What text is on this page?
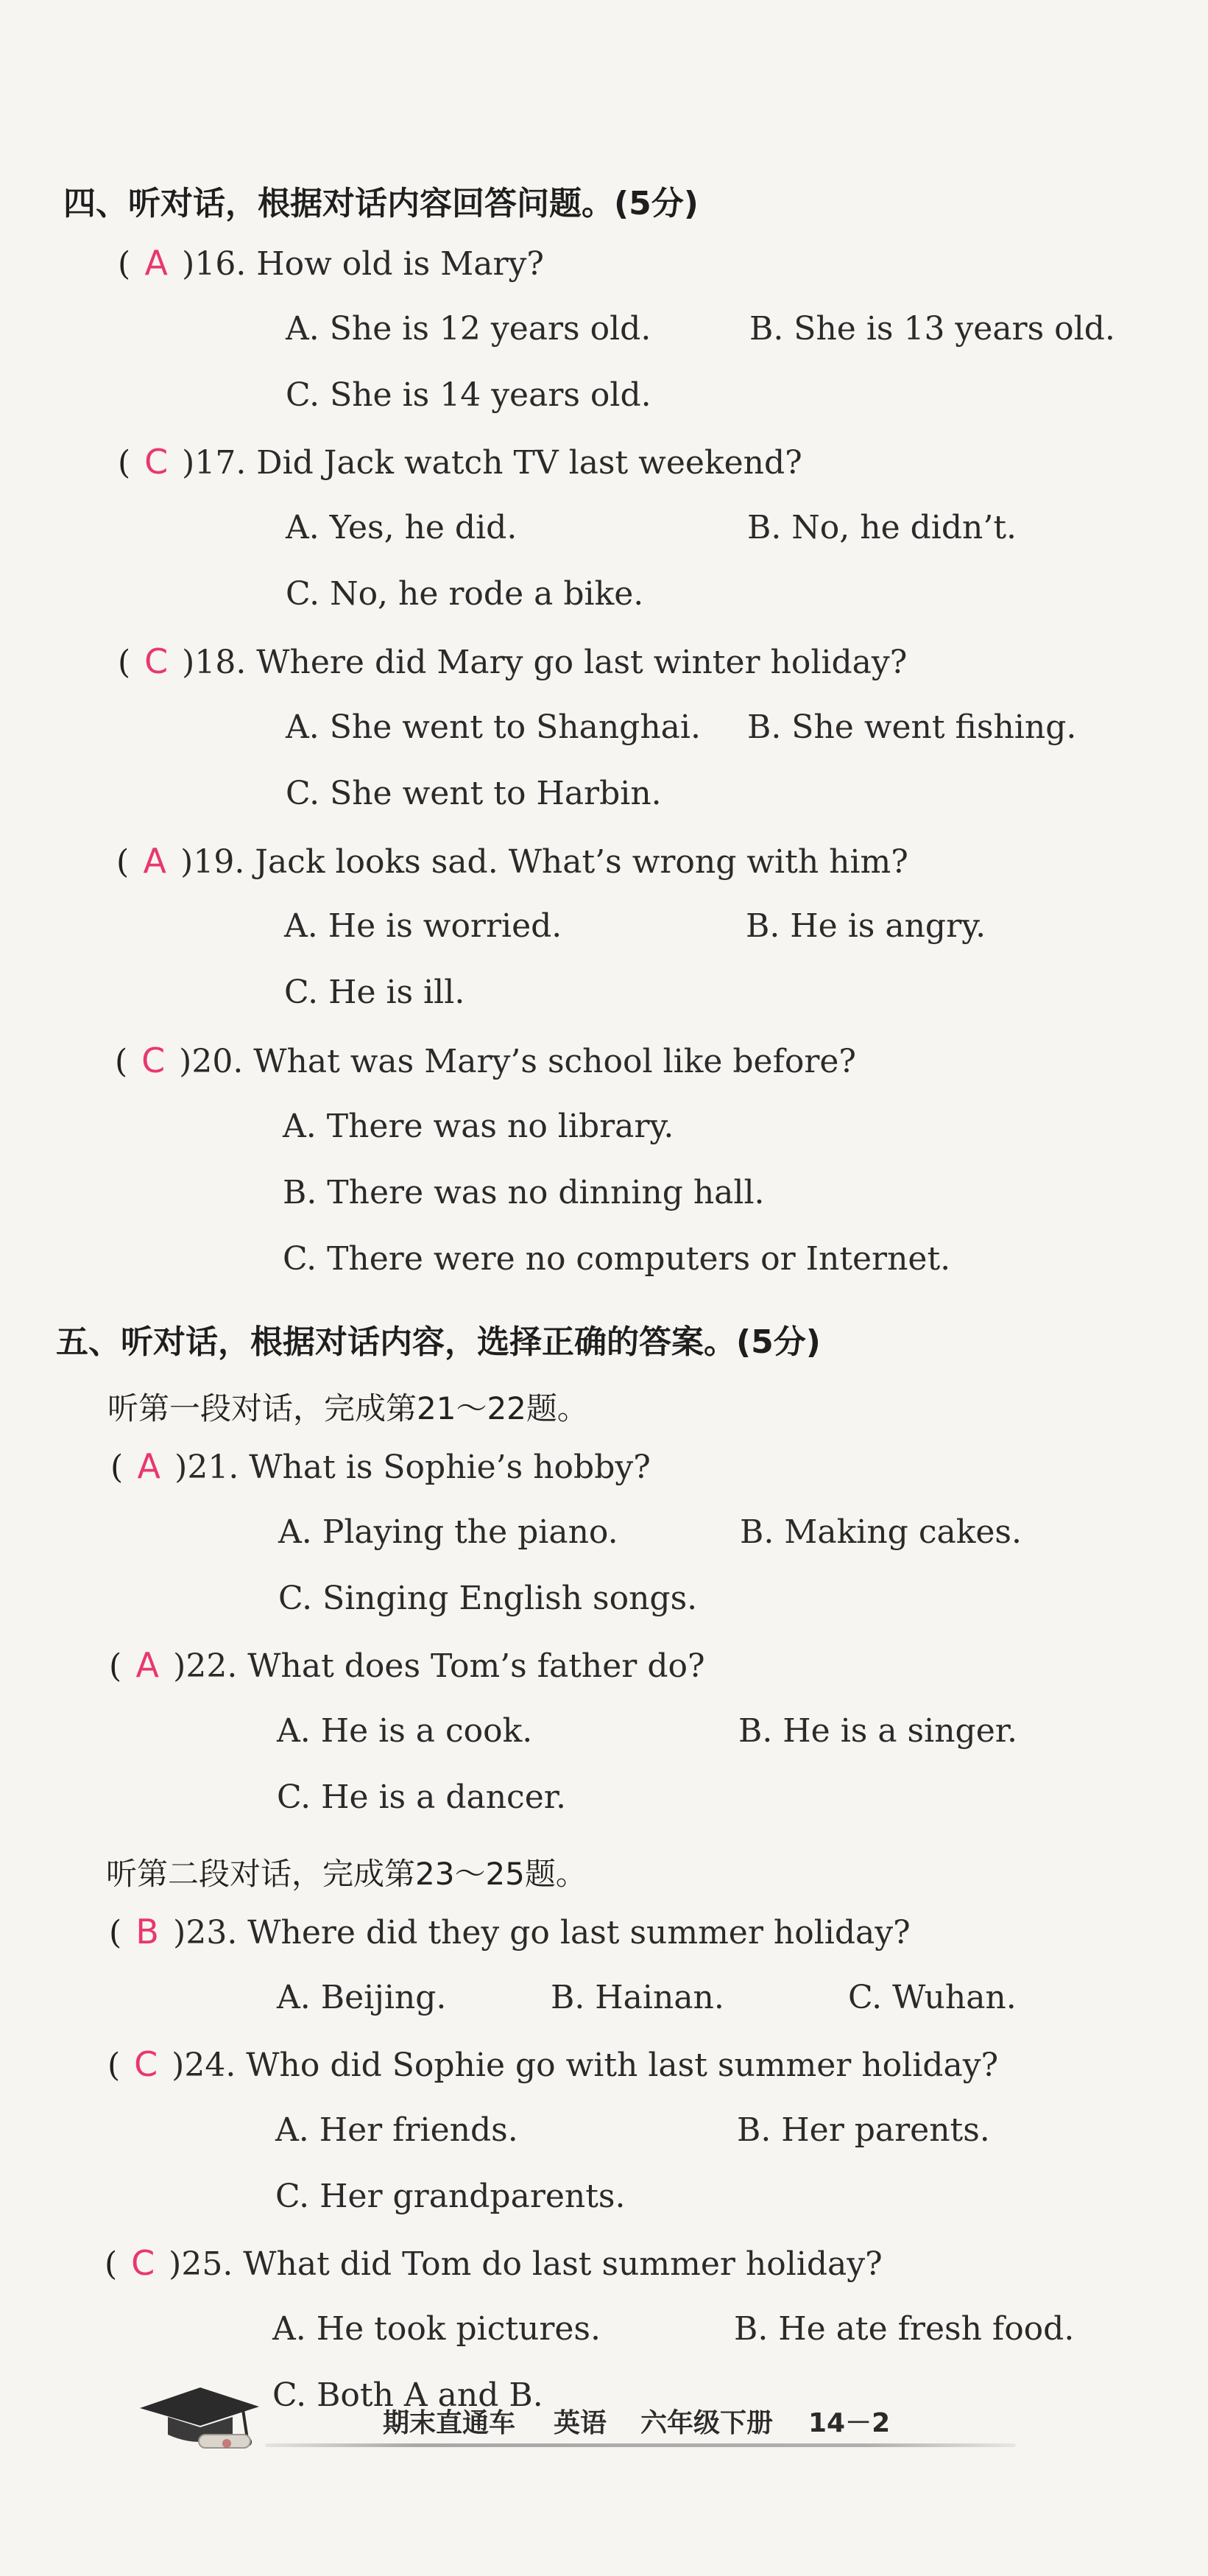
四、听对话，根据对话内容回答问题。(5分)
( A )16. How old is Mary?
A. She is 12 years old.	B. She is 13 years old.
C. She is 14 years old.
( C )17. Did Jack watch TV last weekend?
A. Yes, he did.	B. No, he didn’t.
C. No, he rode a bike.
( C )18. Where did Mary go last winter holiday?
A. She went to Shanghai. B. She went fishing.
C. She went to Harbin.
( A )19. Jack looks sad. What’s wrong with him?
A. He is worried.	B. He is angry.
C. He is ill.
( C )20. What was Mary’s school like before?
A. There was no library.
B. There was no dinning hall.
C. There were no computers or Internet.
五、听对话，根据对话内容，选择正确的答案。(5分)
听第一段对话，完成第21～22题。
( A )21. What is Sophie’s hobby?
A. Playing the piano.	B. Making cakes.
C. Singing English songs.
( A )22. What does Tom’s father do?
A. He is a cook.	B. He is a singer.
C. He is a dancer.
听第二段对话，完成第23～25题。
( B )23. Where did they go last summer holiday?
A. Beijing.	B. Hainan.	C. Wuhan.
( C )24. Who did Sophie go with last summer holiday?
A. Her friends.	B. Her parents.
C. Her grandparents.
( C )25. What did Tom do last summer holiday?
A. He took pictures.	B. He ate fresh food.
C. Both A and B.
期末直通车 英语 六年级下册 14－2
